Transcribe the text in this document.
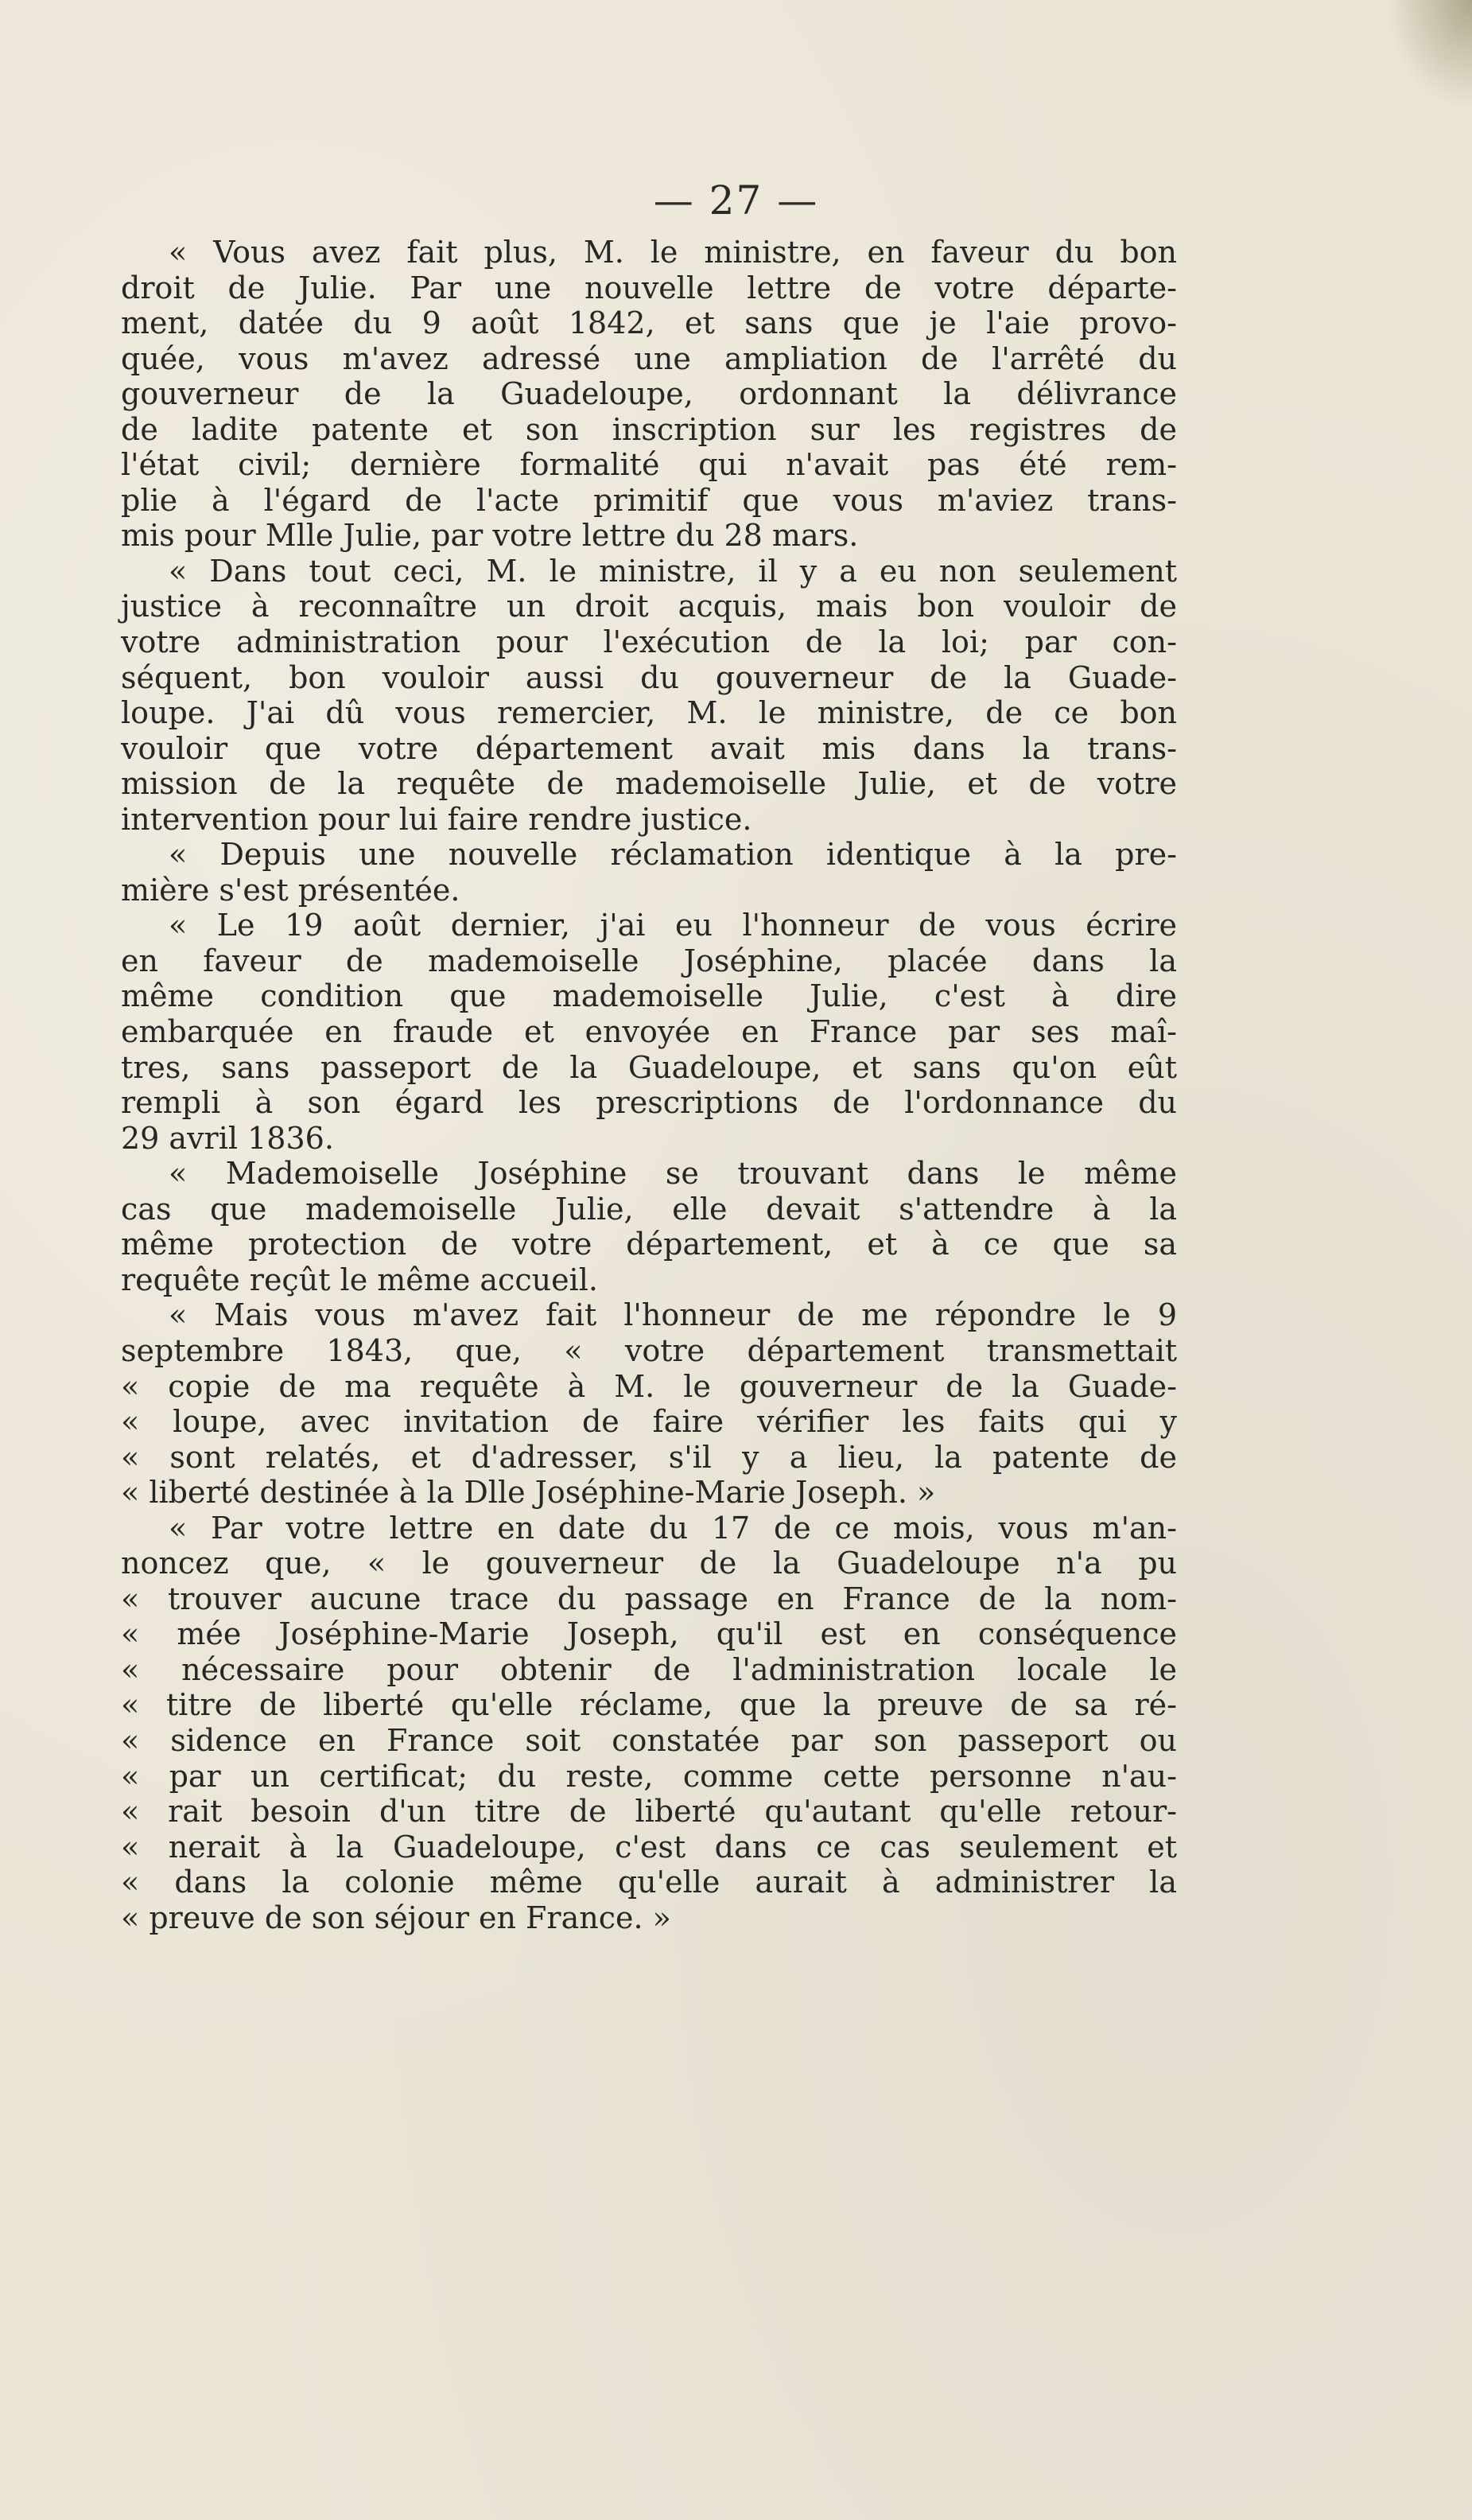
— 27 —
« Vous avez fait plus, M. le ministre, en faveur du bon
droit de Julie. Par une nouvelle lettre de votre départe-
ment, datée du 9 août 1842, et sans que je l'aie provo-
quée, vous m'avez adressé une ampliation de l'arrêté du
gouverneur de la Guadeloupe, ordonnant la délivrance
de ladite patente et son inscription sur les registres de
l'état civil; dernière formalité qui n'avait pas été rem-
plie à l'égard de l'acte primitif que vous m'aviez trans-
mis pour Mlle Julie, par votre lettre du 28 mars.
« Dans tout ceci, M. le ministre, il y a eu non seulement
justice à reconnaître un droit acquis, mais bon vouloir de
votre administration pour l'exécution de la loi; par con-
séquent, bon vouloir aussi du gouverneur de la Guade-
loupe. J'ai dû vous remercier, M. le ministre, de ce bon
vouloir que votre département avait mis dans la trans-
mission de la requête de mademoiselle Julie, et de votre
intervention pour lui faire rendre justice.
« Depuis une nouvelle réclamation identique à la pre-
mière s'est présentée.
« Le 19 août dernier, j'ai eu l'honneur de vous écrire
en faveur de mademoiselle Joséphine, placée dans la
même condition que mademoiselle Julie, c'est à dire
embarquée en fraude et envoyée en France par ses maî-
tres, sans passeport de la Guadeloupe, et sans qu'on eût
rempli à son égard les prescriptions de l'ordonnance du
29 avril 1836.
« Mademoiselle Joséphine se trouvant dans le même
cas que mademoiselle Julie, elle devait s'attendre à la
même protection de votre département, et à ce que sa
requête reçût le même accueil.
« Mais vous m'avez fait l'honneur de me répondre le 9
septembre 1843, que, « votre département transmettait
« copie de ma requête à M. le gouverneur de la Guade-
« loupe, avec invitation de faire vérifier les faits qui y
« sont relatés, et d'adresser, s'il y a lieu, la patente de
« liberté destinée à la Dlle Joséphine-Marie Joseph. »
« Par votre lettre en date du 17 de ce mois, vous m'an-
noncez que, « le gouverneur de la Guadeloupe n'a pu
« trouver aucune trace du passage en France de la nom-
« mée Joséphine-Marie Joseph, qu'il est en conséquence
« nécessaire pour obtenir de l'administration locale le
« titre de liberté qu'elle réclame, que la preuve de sa ré-
« sidence en France soit constatée par son passeport ou
« par un certificat; du reste, comme cette personne n'au-
« rait besoin d'un titre de liberté qu'autant qu'elle retour-
« nerait à la Guadeloupe, c'est dans ce cas seulement et
« dans la colonie même qu'elle aurait à administrer la
« preuve de son séjour en France. »
